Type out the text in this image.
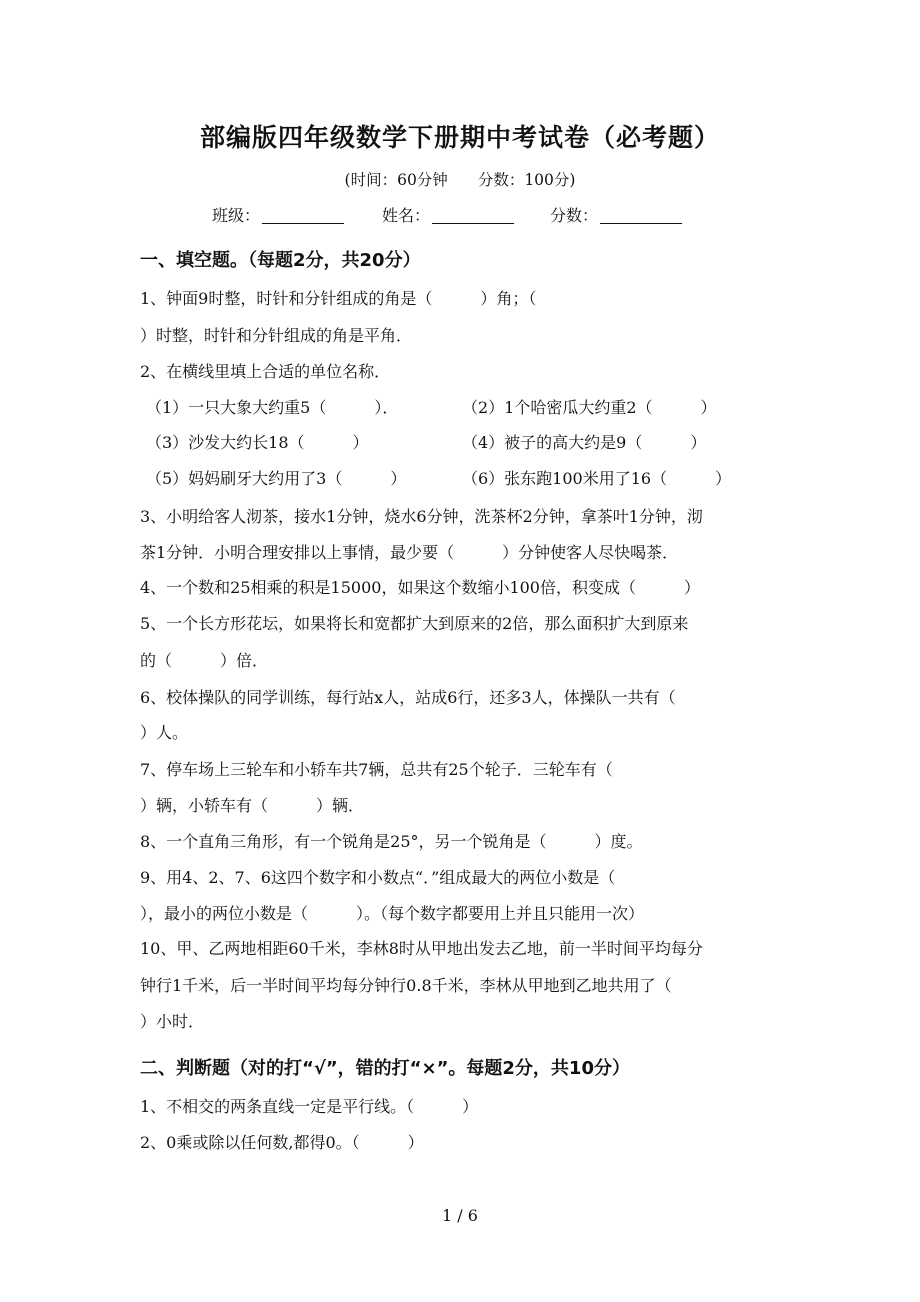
部编版四年级数学下册期中考试卷（必考题）
(时间：60分钟 分数：100分)
班级：	姓名：	分数：
一、填空题。（每题2分，共20分）
1、钟面9时整，时针和分针组成的角是（　　　）角；（
）时整，时针和分针组成的角是平角．
2、在横线里填上合适的单位名称．
（1）一只大象大约重5（　　　）．	（2）1个哈密瓜大约重2（　　　）
（3）沙发大约长18（　　　）	（4）被子的高大约是9（　　　）
（5）妈妈刷牙大约用了3（　　　）	（6）张东跑100米用了16（　　　）
3、小明给客人沏茶，接水1分钟，烧水6分钟，洗茶杯2分钟，拿茶叶1分钟，沏
茶1分钟．小明合理安排以上事情，最少要（　　　）分钟使客人尽快喝茶．
4、一个数和25相乘的积是15000，如果这个数缩小100倍，积变成（　　　）
5、一个长方形花坛，如果将长和宽都扩大到原来的2倍，那么面积扩大到原来
的（　　　）倍．
6、校体操队的同学训练，每行站x人，站成6行，还多3人，体操队一共有（
）人。
7、停车场上三轮车和小轿车共7辆，总共有25个轮子．三轮车有（
）辆，小轿车有（　　　）辆．
8、一个直角三角形，有一个锐角是25°，另一个锐角是（　　　）度。
9、用4、2、7、6这四个数字和小数点“．”组成最大的两位小数是（
），最小的两位小数是（　　　）。（每个数字都要用上并且只能用一次）
10、甲、乙两地相距60千米，李林8时从甲地出发去乙地，前一半时间平均每分
钟行1千米，后一半时间平均每分钟行0.8千米，李林从甲地到乙地共用了（
）小时．
二、判断题（对的打“√”，错的打“×”。每题2分，共10分）
1、不相交的两条直线一定是平行线。（　　　）
2、0乘或除以任何数,都得0。（　　　）
1 / 6
